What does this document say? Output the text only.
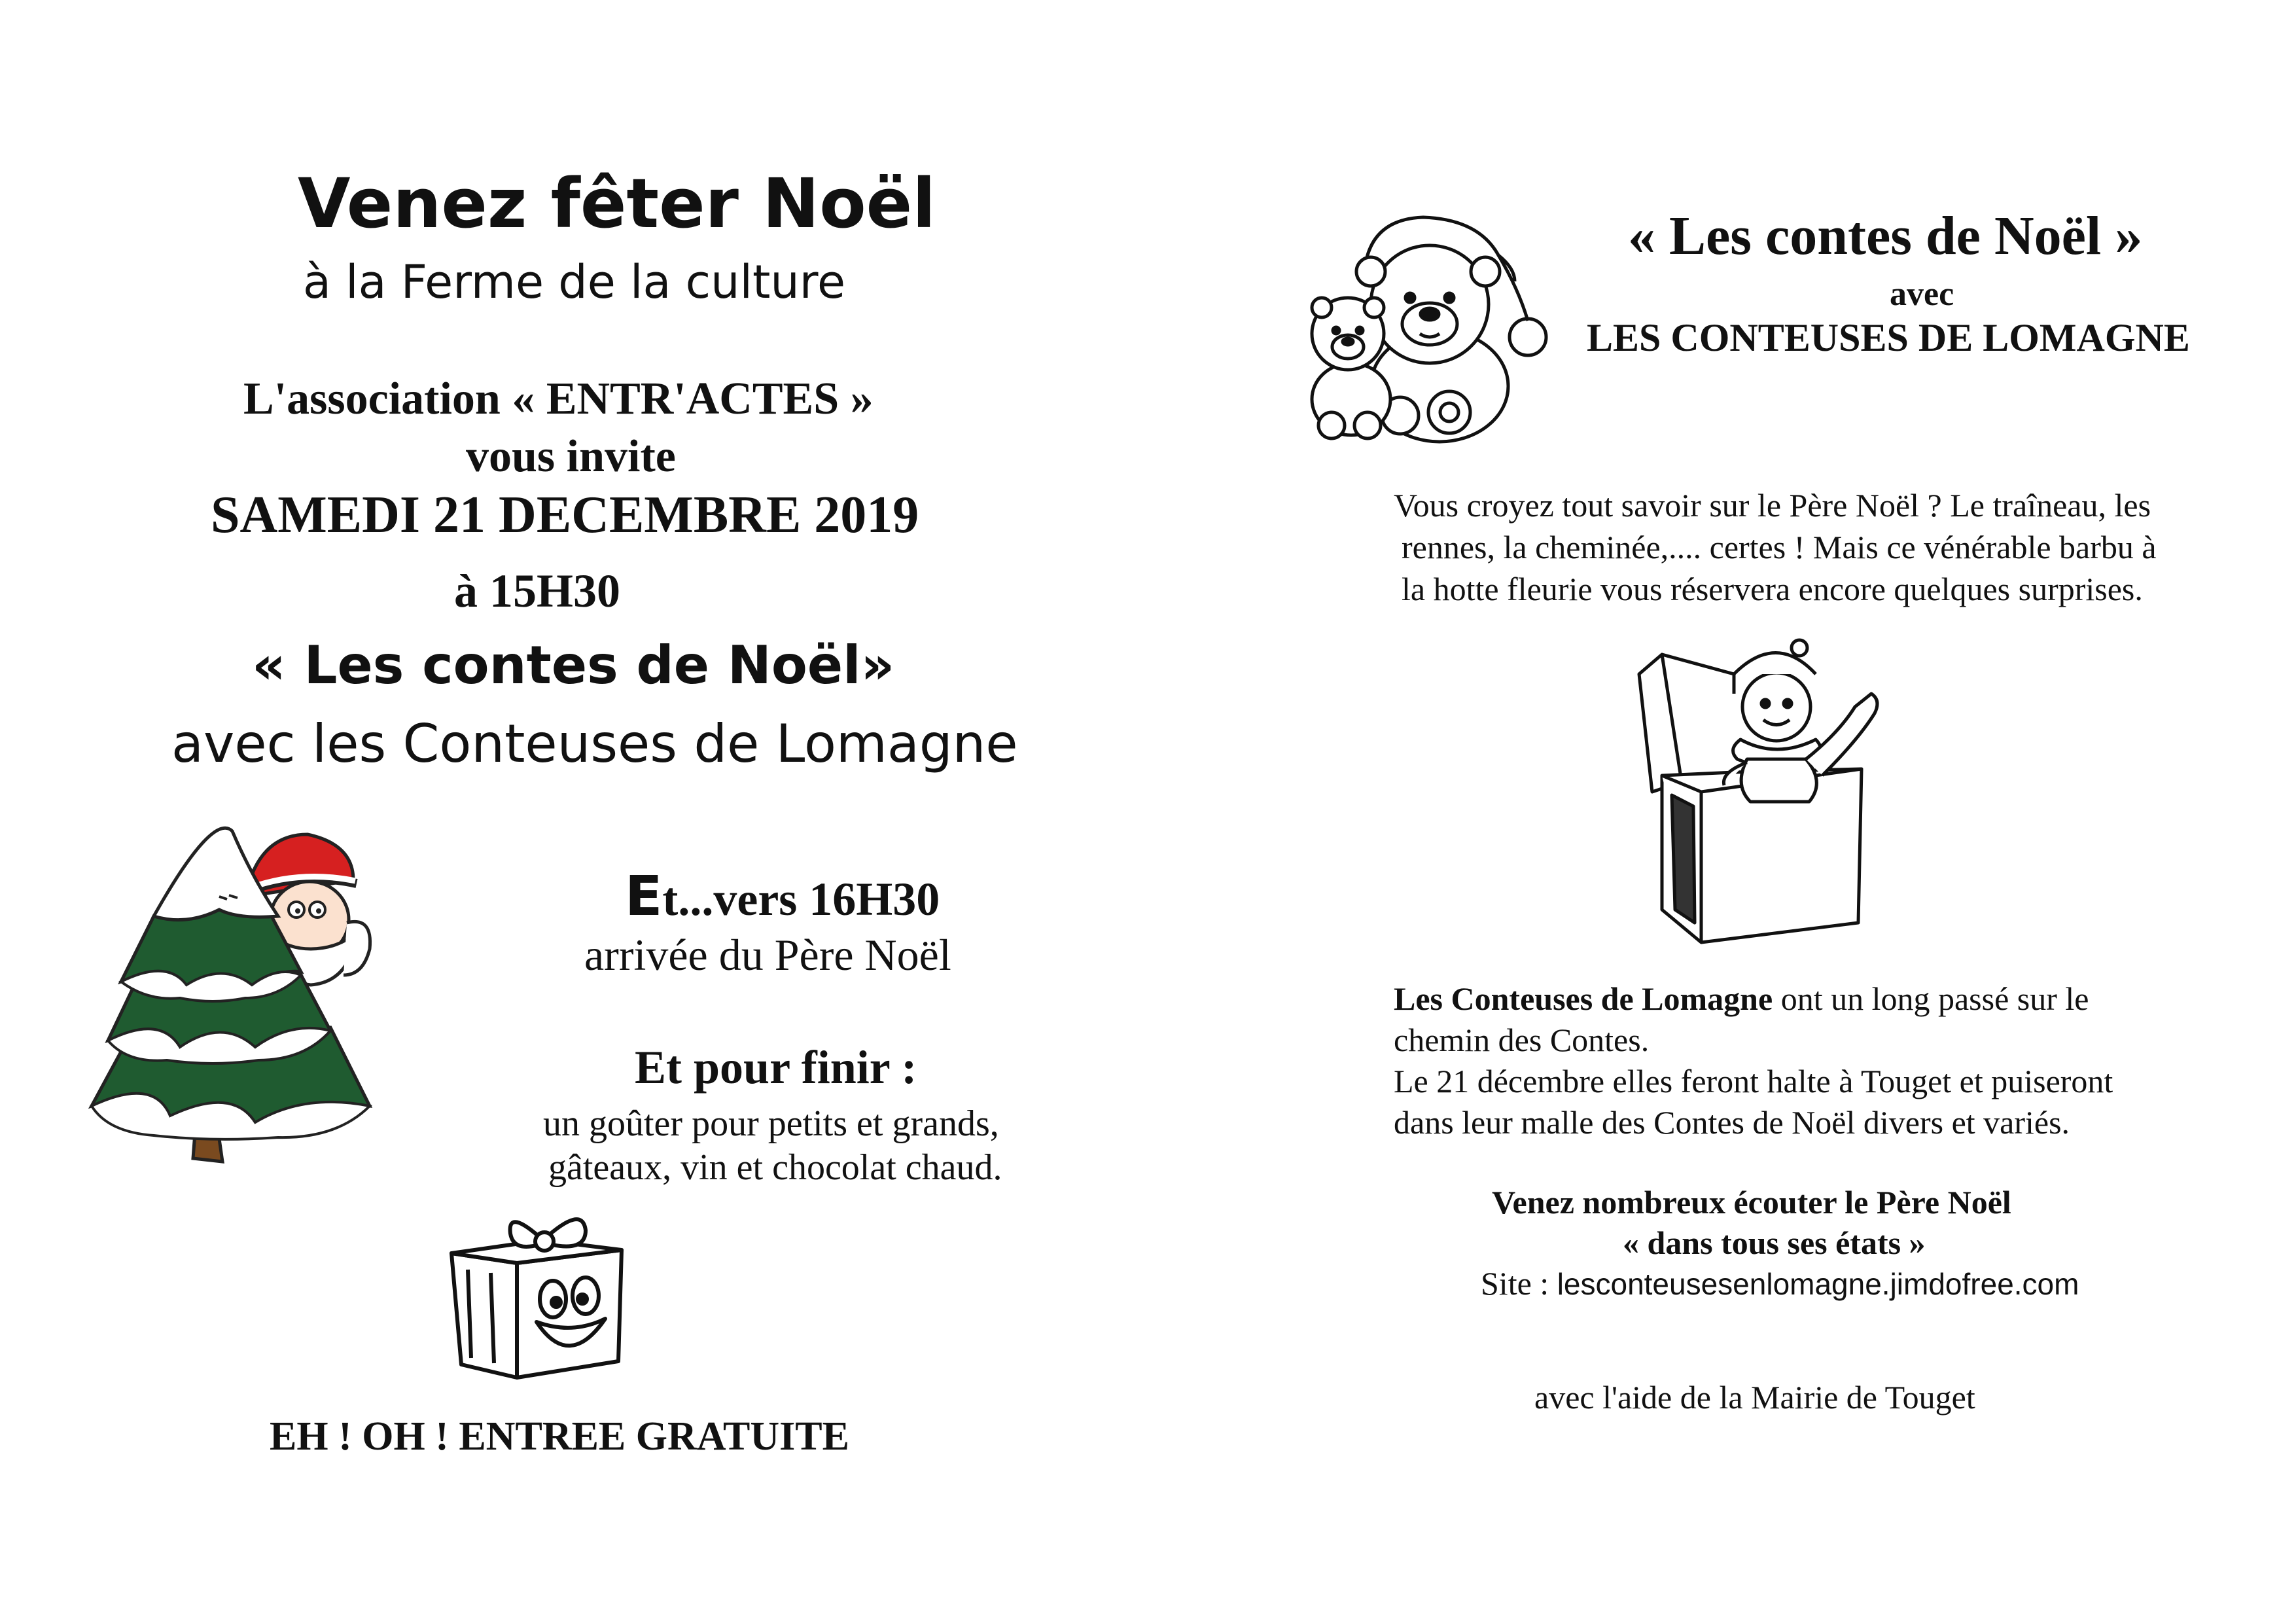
Venez fêter Noël
à la Ferme de la culture
L'association « ENTR'ACTES »
vous invite
SAMEDI 21 DECEMBRE 2019
à 15H30
« Les contes de Noël»
avec les Conteuses de Lomagne
Et...vers 16H30
arrivée du Père Noël
Et pour finir :
un goûter pour petits et grands,
gâteaux, vin et chocolat chaud.
EH ! OH ! ENTREE GRATUITE
« Les contes de Noël »
avec
LES CONTEUSES DE LOMAGNE
Vous croyez tout savoir sur le Père Noël ? Le traîneau, les
rennes, la cheminée,.... certes ! Mais ce vénérable barbu à
la hotte fleurie vous réservera encore quelques surprises.
Les Conteuses de Lomagne ont un long passé sur le
chemin des Contes.
Le 21 décembre elles feront halte à Touget et puiseront
dans leur malle des Contes de Noël divers et variés.
Venez nombreux écouter le Père Noël
« dans tous ses états »
Site : lesconteusesenlomagne.jimdofree.com
avec l'aide de la Mairie de Touget
